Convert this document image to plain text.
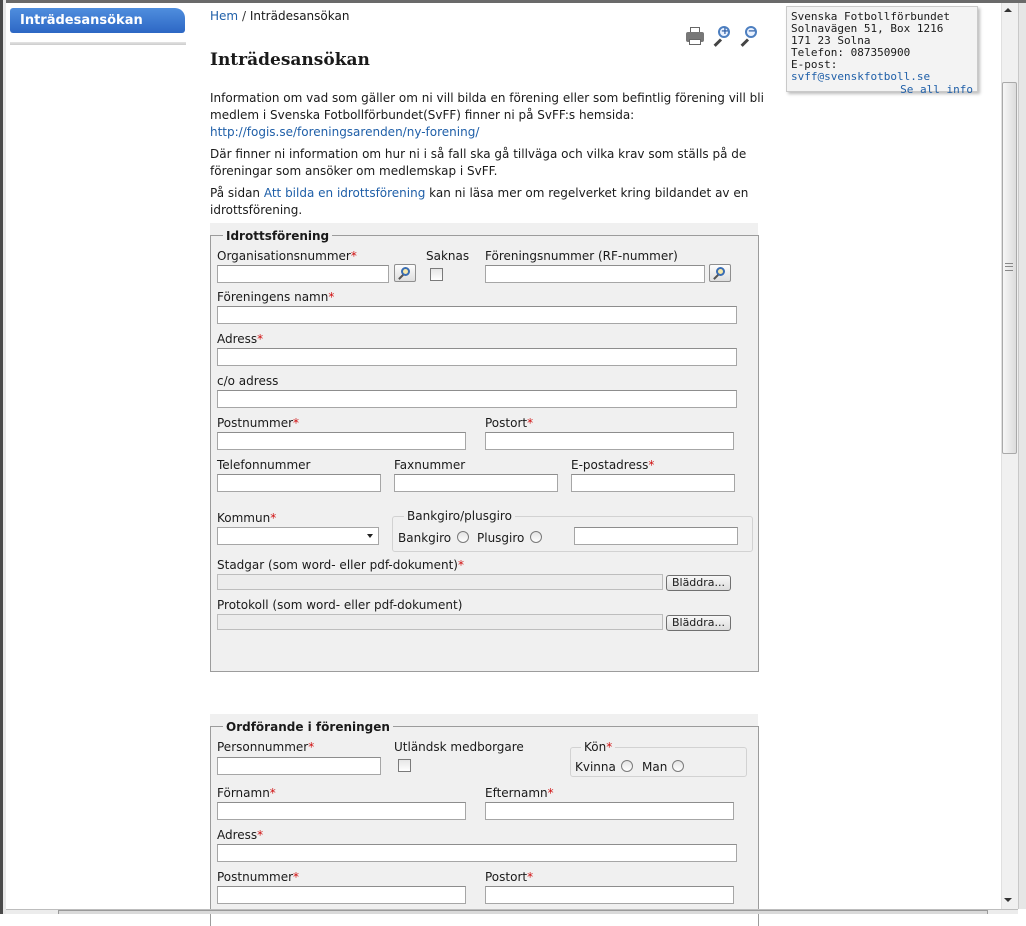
Inträdesansökan	Hem / Inträdesansökan
+ −
Svenska Fotbollförbundet
Solnavägen 51, Box 1216
171 23 Solna
Telefon: 087350900
E-post: svff@svenskfotboll.se
Se all info
Inträdesansökan
Information om vad som gäller om ni vill bilda en förening eller som befintlig förening vill bli
medlem i Svenska Fotbollförbundet(SvFF) finner ni på SvFF:s hemsida:
http://fogis.se/foreningsarenden/ny-forening/
Där finner ni information om hur ni i så fall ska gå tillväga och vilka krav som ställs på de
föreningar som ansöker om medlemskap i SvFF.
På sidan Att bilda en idrottsförening kan ni läsa mer om regelverket kring bildandet av en
idrottsförening.
Idrottsförening
Organisationsnummer*	Saknas Föreningsnummer (RF-nummer)
Föreningens namn*
Adress*
c/o adress
Postnummer*	Postort*
Telefonnummer	Faxnummer	E-postadress*
Kommun*	Bankgiro/plusgiro
Bankgiro Plusgiro
Stadgar (som word- eller pdf-dokument)*
Bläddra...
Protokoll (som word- eller pdf-dokument)
Bläddra...
Ordförande i föreningen
Personnummer*	Utländsk medborgare	Kön*
Kvinna Man
Förnamn*	Efternamn*
Adress*
Postnummer*	Postort*
